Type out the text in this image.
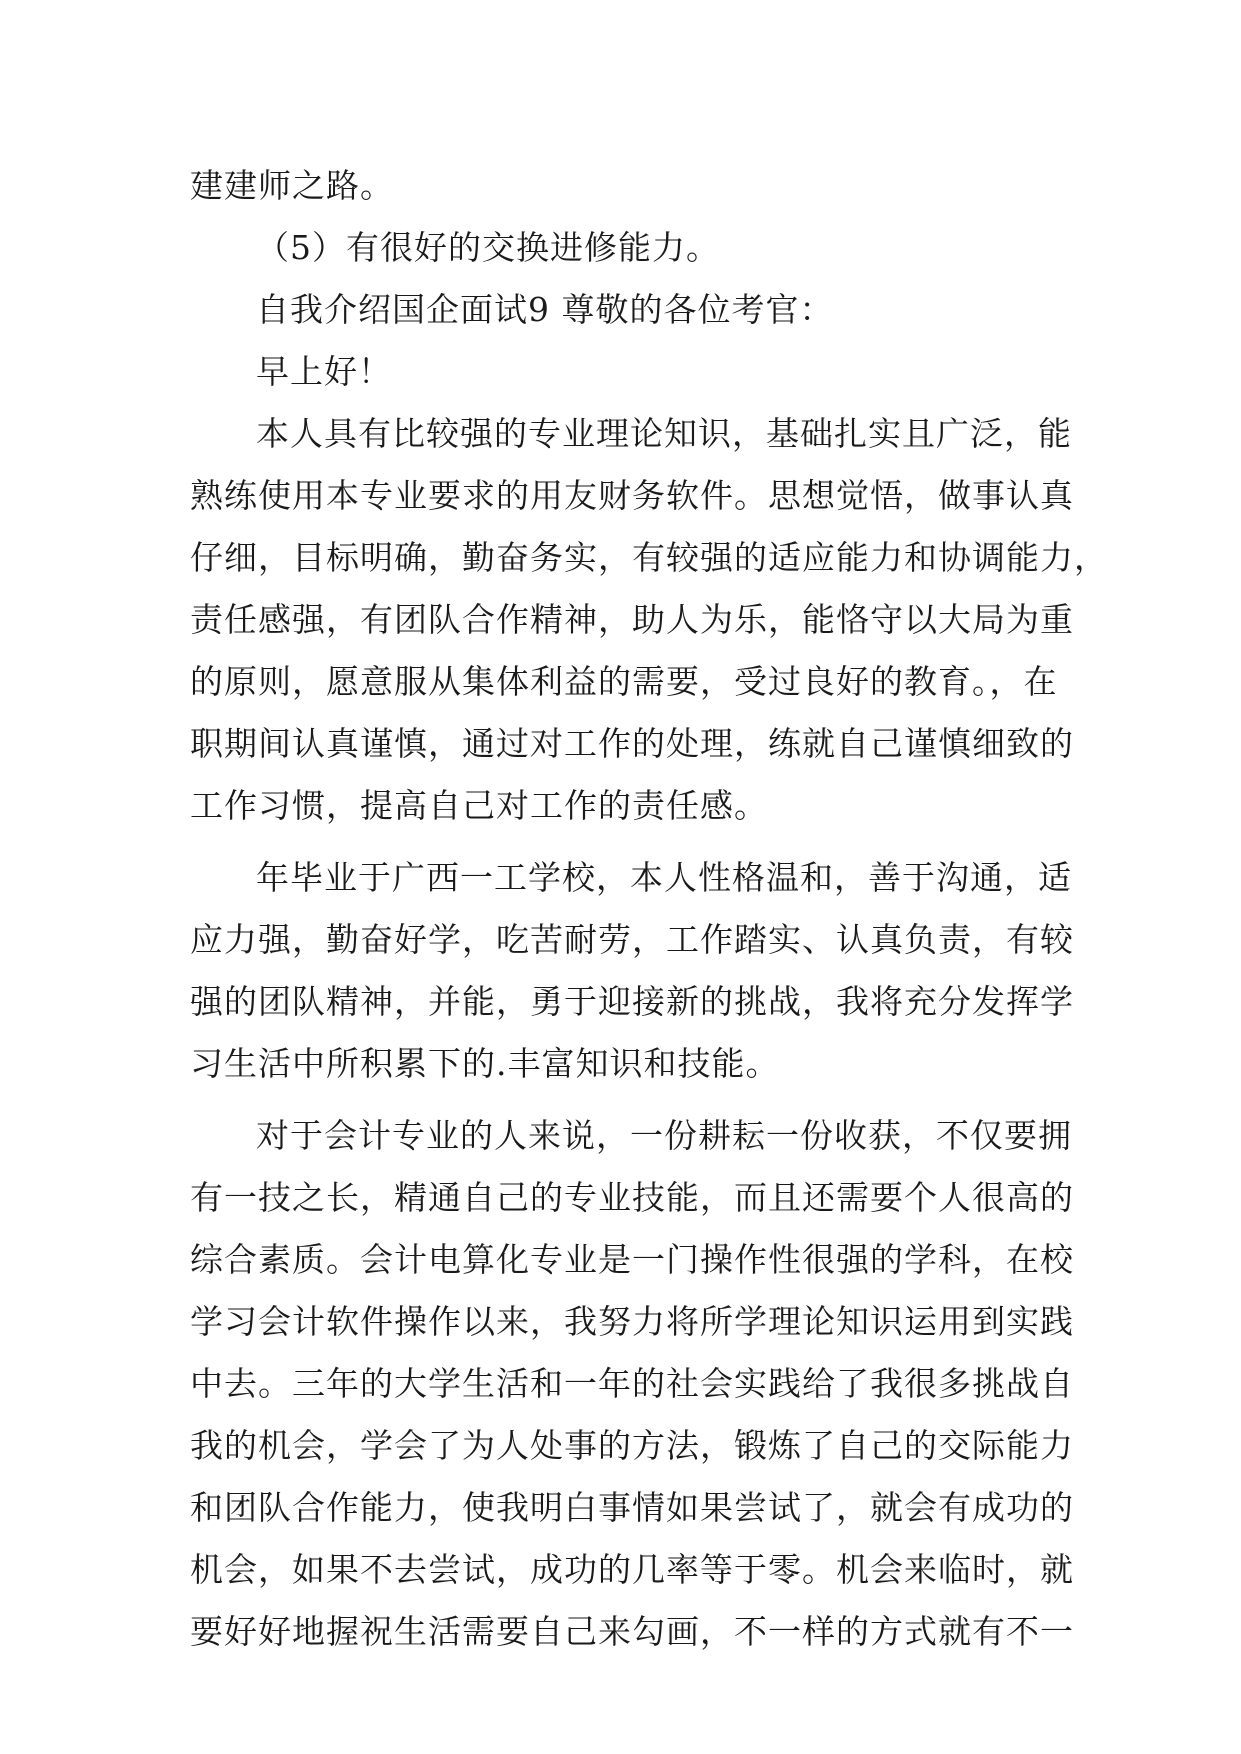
建建师之路。
（5）有很好的交换进修能力。
自我介绍国企面试9 尊敬的各位考官：
早上好！
本人具有比较强的专业理论知识，基础扎实且广泛，能
熟练使用本专业要求的用友财务软件。思想觉悟，做事认真
仔细，目标明确，勤奋务实，有较强的适应能力和协调能力，
责任感强，有团队合作精神，助人为乐，能恪守以大局为重
的原则，愿意服从集体利益的需要，受过良好的教育。，在
职期间认真谨慎，通过对工作的处理，练就自己谨慎细致的
工作习惯，提高自己对工作的责任感。
年毕业于广西一工学校，本人性格温和，善于沟通，适
应力强，勤奋好学，吃苦耐劳，工作踏实、认真负责，有较
强的团队精神，并能，勇于迎接新的挑战，我将充分发挥学
习生活中所积累下的.丰富知识和技能。
对于会计专业的人来说，一份耕耘一份收获，不仅要拥
有一技之长，精通自己的专业技能，而且还需要个人很高的
综合素质。会计电算化专业是一门操作性很强的学科，在校
学习会计软件操作以来，我努力将所学理论知识运用到实践
中去。三年的大学生活和一年的社会实践给了我很多挑战自
我的机会，学会了为人处事的方法，锻炼了自己的交际能力
和团队合作能力，使我明白事情如果尝试了，就会有成功的
机会，如果不去尝试，成功的几率等于零。机会来临时，就
要好好地握祝生活需要自己来勾画，不一样的方式就有不一
